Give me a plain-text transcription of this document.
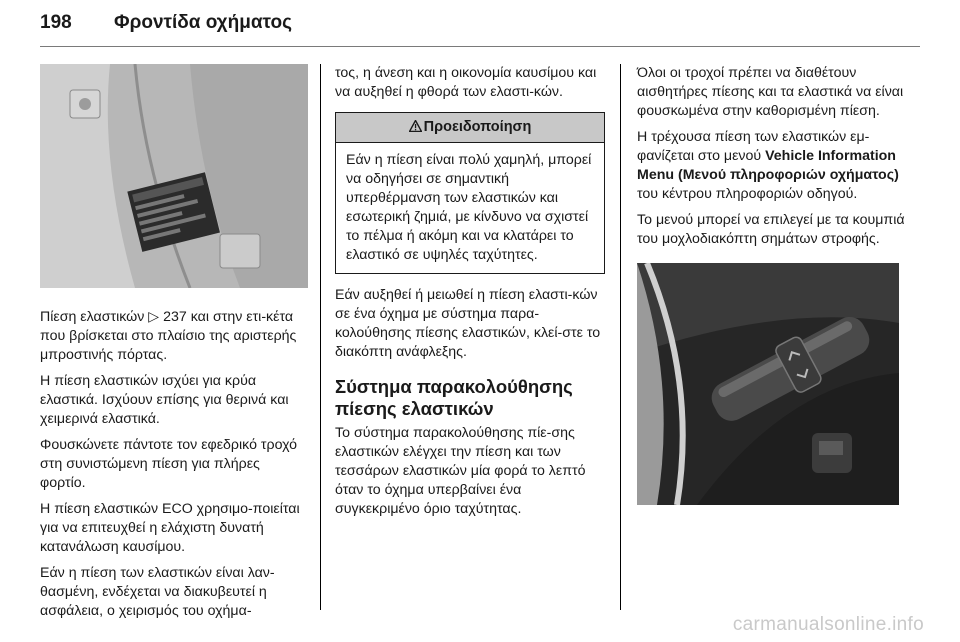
198 Φροντίδα οχήματος

Πίεση ελαστικών ▷ 237 και στην ετι-κέτα που βρίσκεται στο πλαίσιο της αριστερής μπροστινής πόρτας.

Η πίεση ελαστικών ισχύει για κρύα ελαστικά. Ισχύουν επίσης για θερινά και χειμερινά ελαστικά.

Φουσκώνετε πάντοτε τον εφεδρικό τροχό στη συνιστώμενη πίεση για πλήρες φορτίο.

Η πίεση ελαστικών ECO χρησιμο-ποιείται για να επιτευχθεί η ελάχιστη δυνατή κατανάλωση καυσίμου.

Εάν η πίεση των ελαστικών είναι λαν-θασμένη, ενδέχεται να διακυβευτεί η ασφάλεια, ο χειρισμός του οχήμα-

τος, η άνεση και η οικονομία καυσίμου και να αυξηθεί η φθορά των ελαστι-κών.

Προειδοποίηση
Εάν η πίεση είναι πολύ χαμηλή, μπορεί να οδηγήσει σε σημαντική υπερθέρμανση των ελαστικών και εσωτερική ζημιά, με κίνδυνο να σχιστεί το πέλμα ή ακόμη και να κλατάρει το ελαστικό σε υψηλές ταχύτητες.

Εάν αυξηθεί ή μειωθεί η πίεση ελαστι-κών σε ένα όχημα με σύστημα παρα-κολούθησης πίεσης ελαστικών, κλεί-στε το διακόπτη ανάφλεξης.

Σύστημα παρακολούθησης πίεσης ελαστικών

Το σύστημα παρακολούθησης πίε-σης ελαστικών ελέγχει την πίεση και των τεσσάρων ελαστικών μία φορά το λεπτό όταν το όχημα υπερβαίνει ένα συγκεκριμένο όριο ταχύτητας.

Όλοι οι τροχοί πρέπει να διαθέτουν αισθητήρες πίεσης και τα ελαστικά να είναι φουσκωμένα στην καθορισμένη πίεση.

Η τρέχουσα πίεση των ελαστικών εμ-φανίζεται στο μενού Vehicle Information Menu (Μενού πληροφοριών οχήματος) του κέντρου πληροφοριών οδηγού.

Το μενού μπορεί να επιλεγεί με τα κουμπιά του μοχλοδιακόπτη σημάτων στροφής.

carmanualsonline.info
